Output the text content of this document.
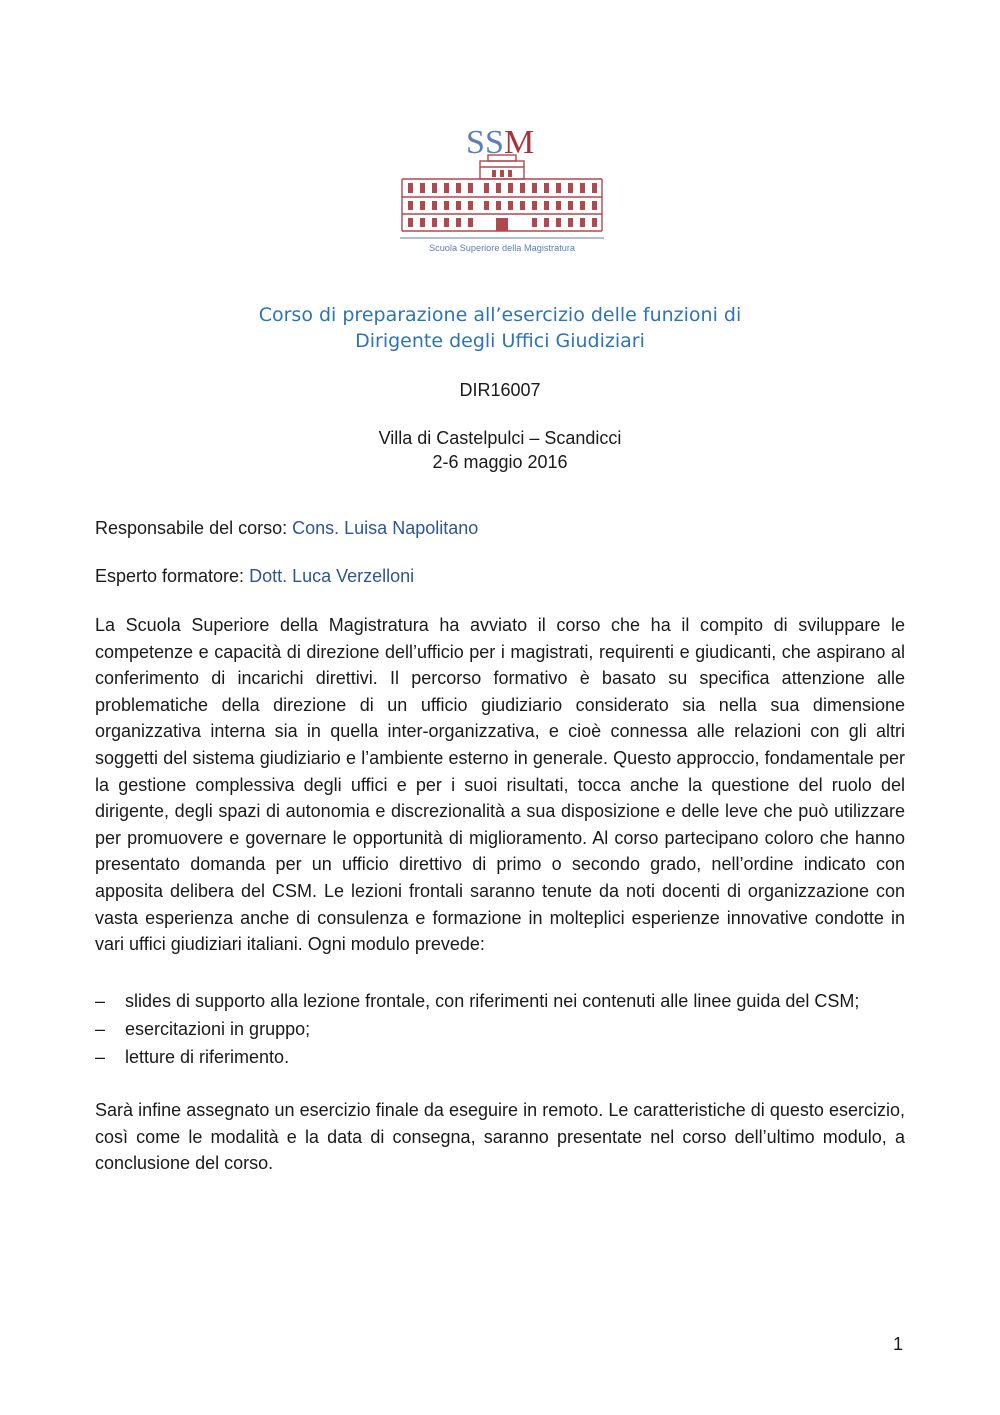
S S M
Scuola Superiore della Magistratura
Corso di preparazione all’esercizio delle funzioni di
Dirigente degli Uffici Giudiziari
DIR16007
Villa di Castelpulci – Scandicci
2-6 maggio 2016
Responsabile del corso: Cons. Luisa Napolitano
Esperto formatore: Dott. Luca Verzelloni

La Scuola Superiore della Magistratura ha avviato il corso che ha il compito di sviluppare le competenze e capacità di direzione dell’ufficio per i magistrati, requirenti e giudicanti, che aspirano al conferimento di incarichi direttivi. Il percorso formativo è basato su specifica attenzione alle problematiche della direzione di un ufficio giudiziario considerato sia nella sua dimensione organizzativa interna sia in quella inter-organizzativa, e cioè connessa alle relazioni con gli altri soggetti del sistema giudiziario e l’ambiente esterno in generale. Questo approccio, fondamentale per la gestione complessiva degli uffici e per i suoi risultati, tocca anche la questione del ruolo del dirigente, degli spazi di autonomia e discrezionalità a sua disposizione e delle leve che può utilizzare per promuovere e governare le opportunità di miglioramento. Al corso partecipano coloro che hanno presentato domanda per un ufficio direttivo di primo o secondo grado, nell’ordine indicato con apposita delibera del CSM. Le lezioni frontali saranno tenute da noti docenti di organizzazione con vasta esperienza anche di consulenza e formazione in molteplici esperienze innovative condotte in vari uffici giudiziari italiani. Ogni modulo prevede:

– slides di supporto alla lezione frontale, con riferimenti nei contenuti alle linee guida del CSM;
– esercitazioni in gruppo;
– letture di riferimento.

Sarà infine assegnato un esercizio finale da eseguire in remoto. Le caratteristiche di questo esercizio, così come le modalità e la data di consegna, saranno presentate nel corso dell’ultimo modulo, a conclusione del corso.

1
